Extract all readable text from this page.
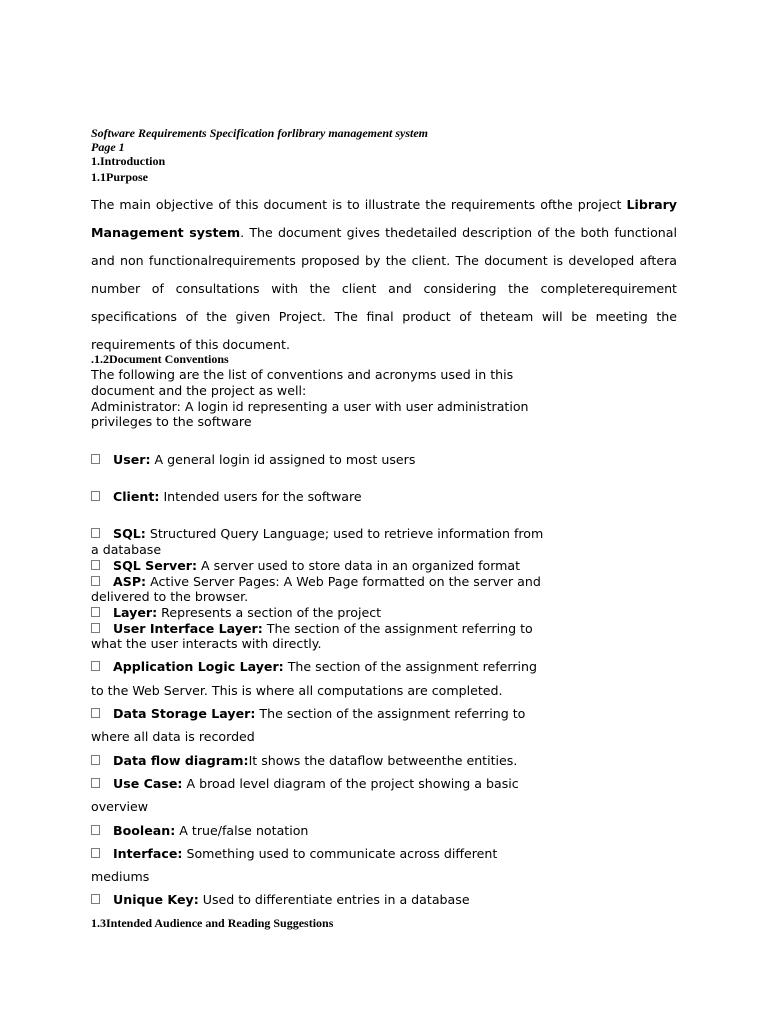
Software Requirements Specification forlibrary management system
Page 1
1.Introduction
1.1Purpose
The main objective of this document is to illustrate the requirements ofthe project Library
Management system. The document gives thedetailed description of the both functional
and non functionalrequirements proposed by the client. The document is developed aftera
number of consultations with the client and considering the completerequirement
specifications of the given Project. The final product of theteam will be meeting the
requirements of this document.
.1.2Document Conventions
The following are the list of conventions and acronyms used in this
document and the project as well:
Administrator: A login id representing a user with user administration
privileges to the software
User: A general login id assigned to most users
Client: Intended users for the software
SQL: Structured Query Language; used to retrieve information from
a database
SQL Server: A server used to store data in an organized format
ASP: Active Server Pages: A Web Page formatted on the server and
delivered to the browser.
Layer: Represents a section of the project
User Interface Layer: The section of the assignment referring to
what the user interacts with directly.
Application Logic Layer: The section of the assignment referring
to the Web Server. This is where all computations are completed.
Data Storage Layer: The section of the assignment referring to
where all data is recorded
Data flow diagram:It shows the dataflow betweenthe entities.
Use Case: A broad level diagram of the project showing a basic
overview
Boolean: A true/false notation
Interface: Something used to communicate across different
mediums
Unique Key: Used to differentiate entries in a database
1.3Intended Audience and Reading Suggestions
